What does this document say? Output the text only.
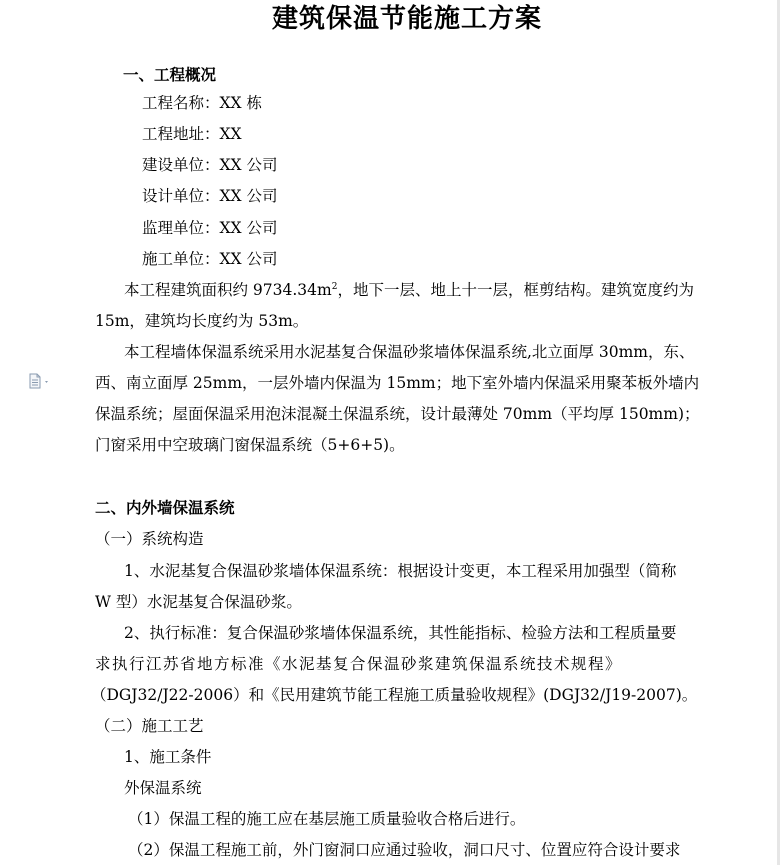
建筑保温节能施工方案
一、工程概况
工程名称：XX 栋
工程地址：XX
建设单位：XX 公司
设计单位：XX 公司
监理单位：XX 公司
施工单位：XX 公司
本工程建筑面积约 $9734.34m^2$，地下一层、地上十一层，框剪结构。建筑宽度约为
15m，建筑均长度约为 53m。
本工程墙体保温系统采用水泥基复合保温砂浆墙体保温系统,北立面厚 30mm，东、
西、南立面厚 25mm，一层外墙内保温为 15mm；地下室外墙内保温采用聚苯板外墙内
保温系统；屋面保温采用泡沫混凝土保温系统，设计最薄处 70mm（平均厚 150mm)；
门窗采用中空玻璃门窗保温系统（5+6+5)。
二、内外墙保温系统
（一）系统构造
1、水泥基复合保温砂浆墙体保温系统：根据设计变更，本工程采用加强型（简称
W 型）水泥基复合保温砂浆。
2、执行标准：复合保温砂浆墙体保温系统，其性能指标、检验方法和工程质量要
求执行江苏省地方标准《水泥基复合保温砂浆建筑保温系统技术规程》
（DGJ32/J22-2006）和《民用建筑节能工程施工质量验收规程》(DGJ32/J19-2007)。
（二）施工工艺
1、施工条件
外保温系统
（1）保温工程的施工应在基层施工质量验收合格后进行。
（2）保温工程施工前，外门窗洞口应通过验收，洞口尺寸、位置应符合设计要求
